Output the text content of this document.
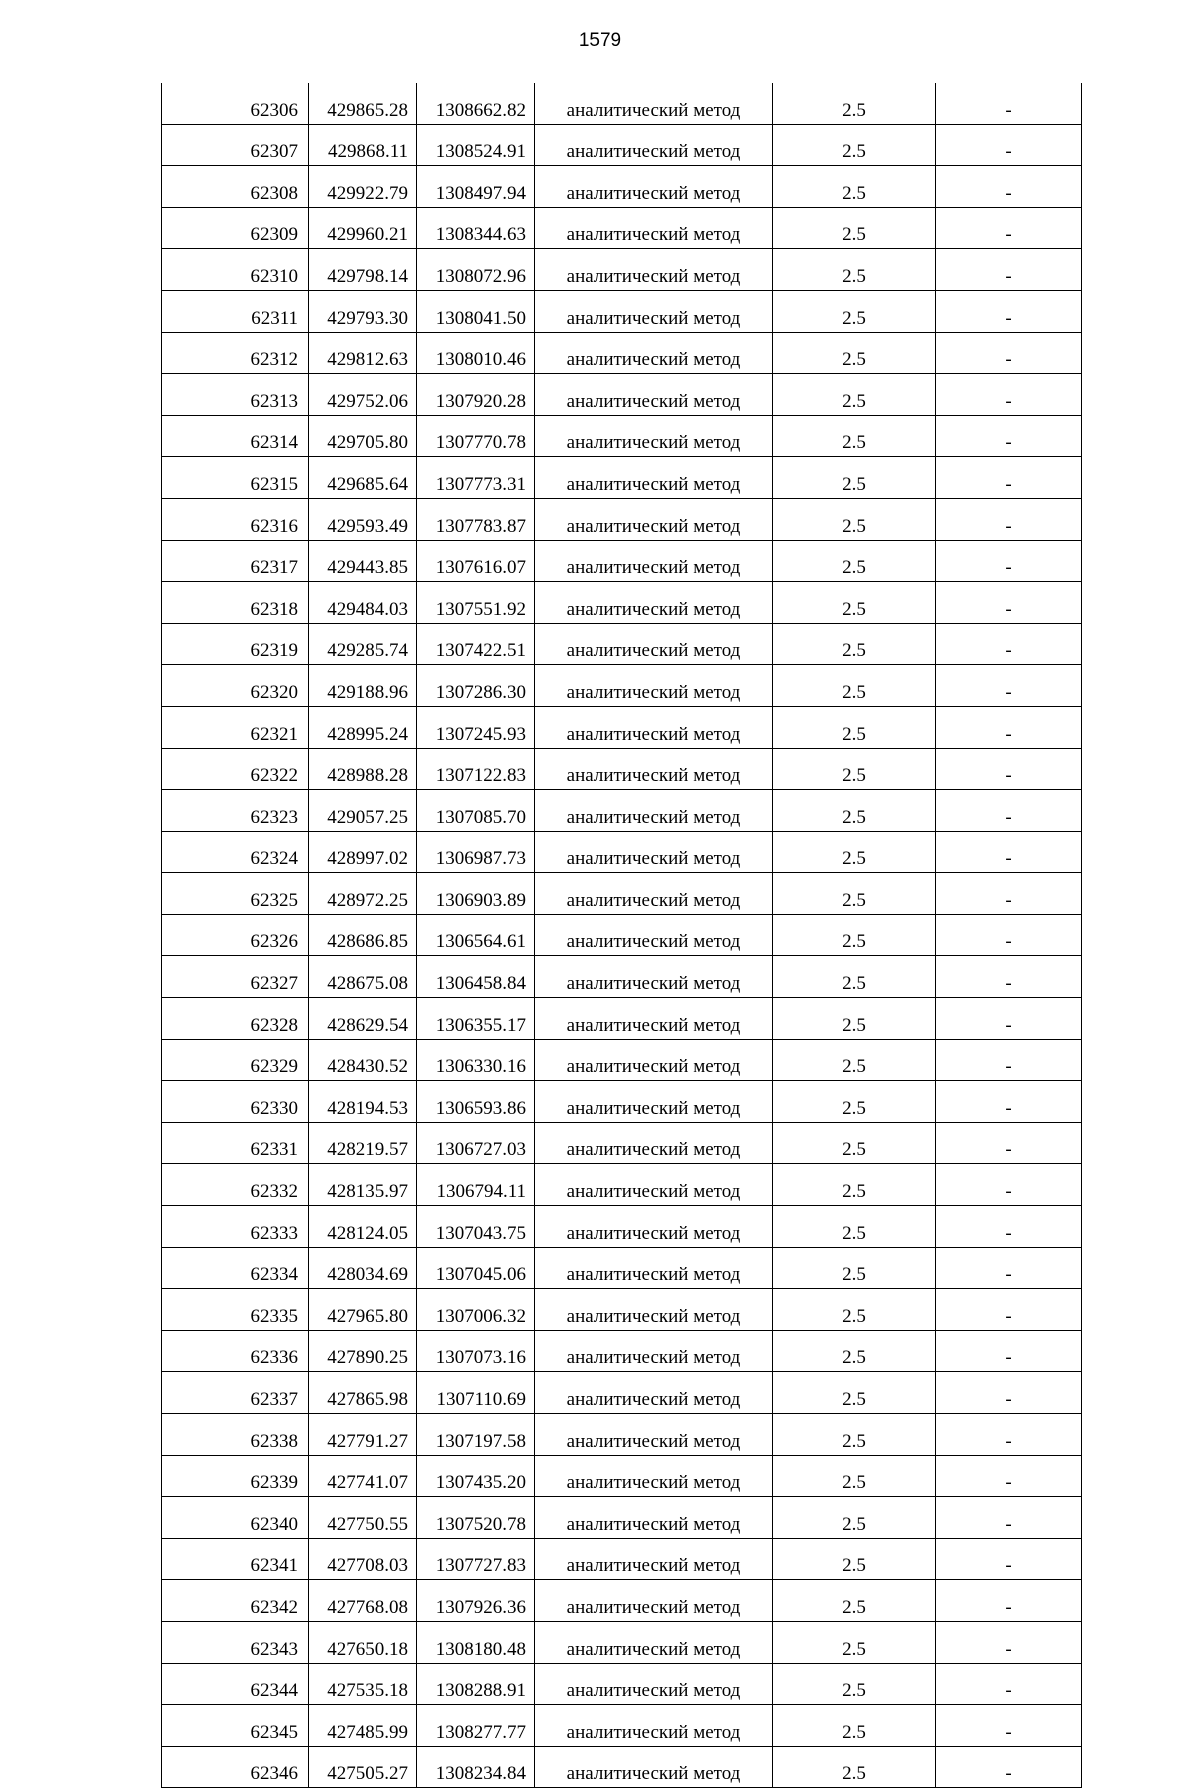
1579
62306	429865.28	1308662.82	аналитический метод	2.5	-
62307	429868.11	1308524.91	аналитический метод	2.5	-
62308	429922.79	1308497.94	аналитический метод	2.5	-
62309	429960.21	1308344.63	аналитический метод	2.5	-
62310	429798.14	1308072.96	аналитический метод	2.5	-
62311	429793.30	1308041.50	аналитический метод	2.5	-
62312	429812.63	1308010.46	аналитический метод	2.5	-
62313	429752.06	1307920.28	аналитический метод	2.5	-
62314	429705.80	1307770.78	аналитический метод	2.5	-
62315	429685.64	1307773.31	аналитический метод	2.5	-
62316	429593.49	1307783.87	аналитический метод	2.5	-
62317	429443.85	1307616.07	аналитический метод	2.5	-
62318	429484.03	1307551.92	аналитический метод	2.5	-
62319	429285.74	1307422.51	аналитический метод	2.5	-
62320	429188.96	1307286.30	аналитический метод	2.5	-
62321	428995.24	1307245.93	аналитический метод	2.5	-
62322	428988.28	1307122.83	аналитический метод	2.5	-
62323	429057.25	1307085.70	аналитический метод	2.5	-
62324	428997.02	1306987.73	аналитический метод	2.5	-
62325	428972.25	1306903.89	аналитический метод	2.5	-
62326	428686.85	1306564.61	аналитический метод	2.5	-
62327	428675.08	1306458.84	аналитический метод	2.5	-
62328	428629.54	1306355.17	аналитический метод	2.5	-
62329	428430.52	1306330.16	аналитический метод	2.5	-
62330	428194.53	1306593.86	аналитический метод	2.5	-
62331	428219.57	1306727.03	аналитический метод	2.5	-
62332	428135.97	1306794.11	аналитический метод	2.5	-
62333	428124.05	1307043.75	аналитический метод	2.5	-
62334	428034.69	1307045.06	аналитический метод	2.5	-
62335	427965.80	1307006.32	аналитический метод	2.5	-
62336	427890.25	1307073.16	аналитический метод	2.5	-
62337	427865.98	1307110.69	аналитический метод	2.5	-
62338	427791.27	1307197.58	аналитический метод	2.5	-
62339	427741.07	1307435.20	аналитический метод	2.5	-
62340	427750.55	1307520.78	аналитический метод	2.5	-
62341	427708.03	1307727.83	аналитический метод	2.5	-
62342	427768.08	1307926.36	аналитический метод	2.5	-
62343	427650.18	1308180.48	аналитический метод	2.5	-
62344	427535.18	1308288.91	аналитический метод	2.5	-
62345	427485.99	1308277.77	аналитический метод	2.5	-
62346	427505.27	1308234.84	аналитический метод	2.5	-
